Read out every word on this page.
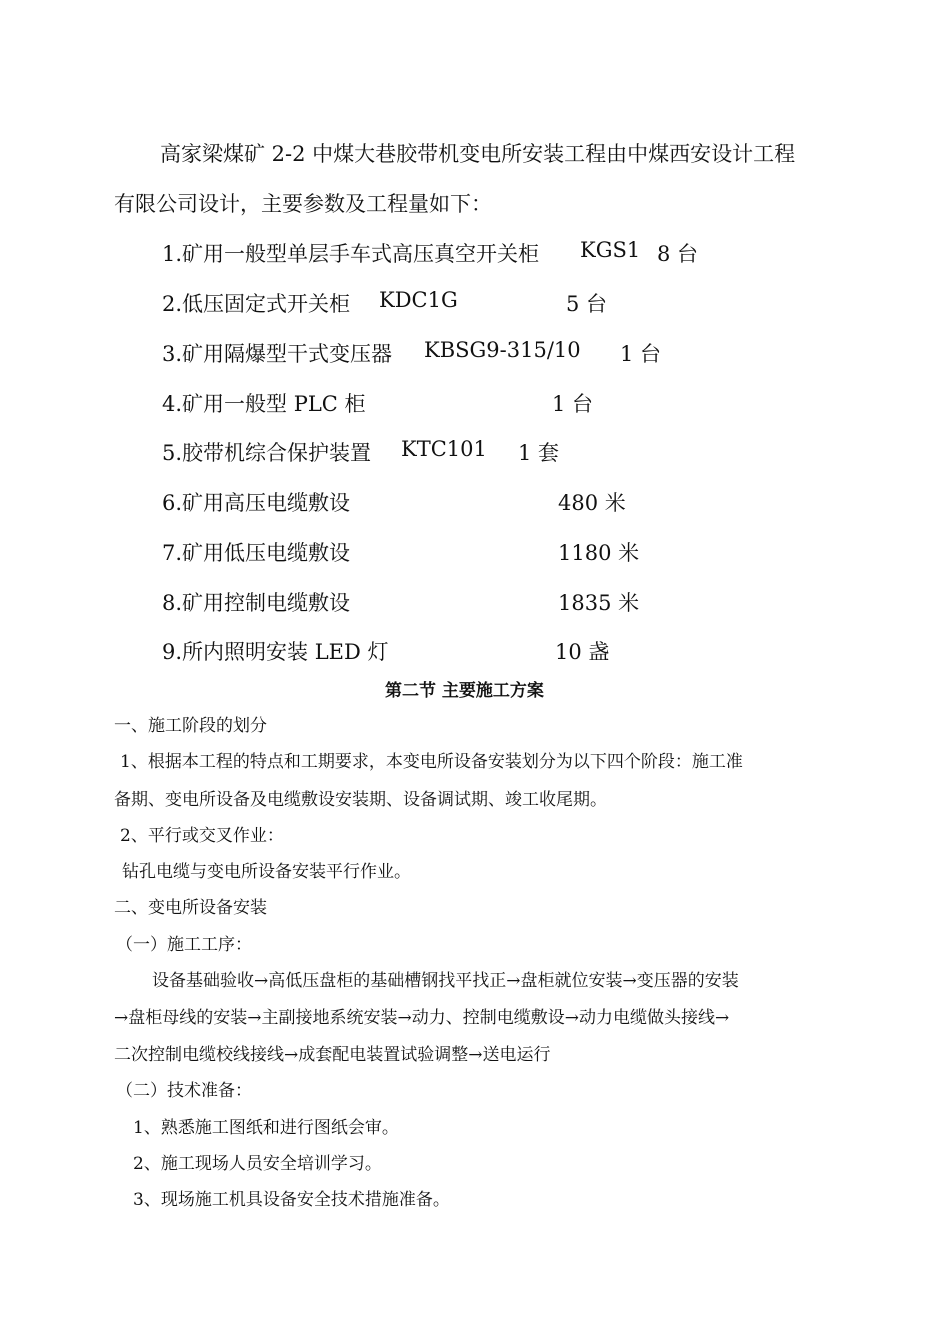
高家梁煤矿 2-2 中煤大巷胶带机变电所安装工程由中煤西安设计工程
有限公司设计，主要参数及工程量如下：
1.矿用一般型单层手车式高压真空开关柜 KGS1 8 台
2.低压固定式开关柜 KDC1G	5 台
3.矿用隔爆型干式变压器 KBSG9-315/10 1 台
4.矿用一般型 PLC 柜	1 台
5.胶带机综合保护装置 KTC101 1 套
6.矿用高压电缆敷设	480 米
7.矿用低压电缆敷设	1180 米
8.矿用控制电缆敷设	1835 米
9.所内照明安装 LED 灯	10 盏
第二节 主要施工方案
一、施工阶段的划分
1、根据本工程的特点和工期要求，本变电所设备安装划分为以下四个阶段：施工准
备期、变电所设备及电缆敷设安装期、设备调试期、竣工收尾期。
2、平行或交叉作业：
钻孔电缆与变电所设备安装平行作业。
二、变电所设备安装
（一）施工工序：
设备基础验收→高低压盘柜的基础槽钢找平找正→盘柜就位安装→变压器的安装
→盘柜母线的安装→主副接地系统安装→动力、控制电缆敷设→动力电缆做头接线→
二次控制电缆校线接线→成套配电装置试验调整→送电运行
（二）技术准备：
1、熟悉施工图纸和进行图纸会审。
2、施工现场人员安全培训学习。
3、现场施工机具设备安全技术措施准备。
